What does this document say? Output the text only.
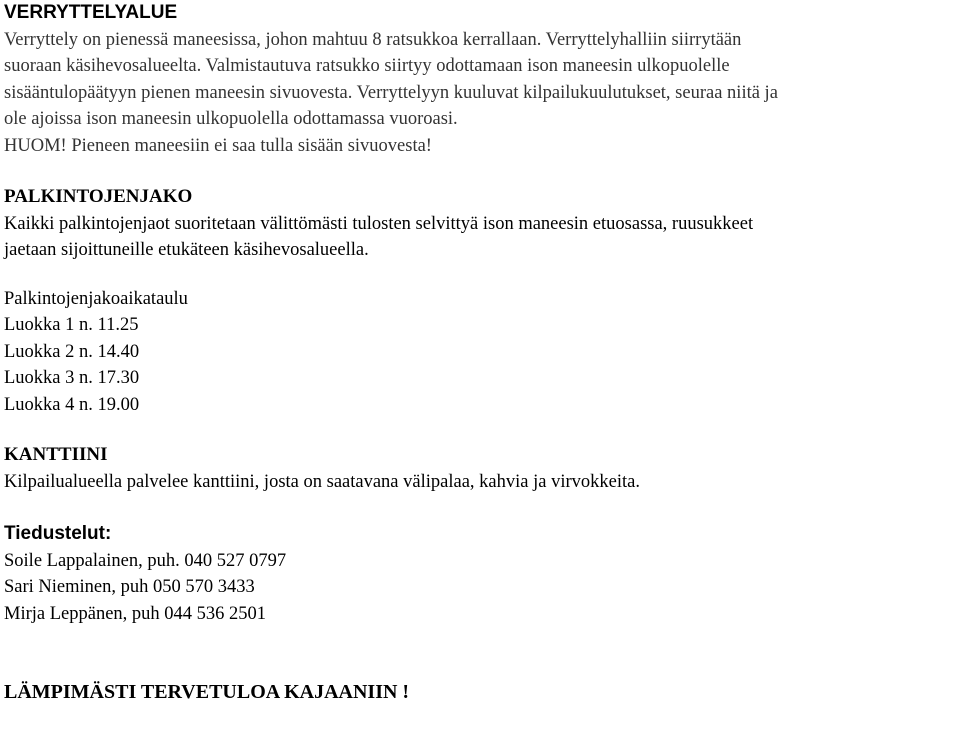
VERRYTTELYALUE

Verryttely on pienessä maneesissa, johon mahtuu 8 ratsukkoa kerrallaan. Verryttelyhalliin siirrytään

suoraan käsihevosalueelta. Valmistautuva ratsukko siirtyy odottamaan ison maneesin ulkopuolelle

sisääntulopäätyyn pienen maneesin sivuovesta. Verryttelyyn kuuluvat kilpailukuulutukset, seuraa niitä ja

ole ajoissa ison maneesin ulkopuolella odottamassa vuoroasi.

HUOM! Pieneen maneesiin ei saa tulla sisään sivuovesta!

PALKINTOJENJAKO

Kaikki palkintojenjaot suoritetaan välittömästi tulosten selvittyä ison maneesin etuosassa, ruusukkeet

jaetaan sijoittuneille etukäteen käsihevosalueella.

Palkintojenjakoaikataulu

Luokka 1 n. 11.25

Luokka 2 n. 14.40

Luokka 3 n. 17.30

Luokka 4 n. 19.00

KANTTIINI

Kilpailualueella palvelee kanttiini, josta on saatavana välipalaa, kahvia ja virvokkeita.

Tiedustelut:

Soile Lappalainen, puh. 040 527 0797

Sari Nieminen, puh 050 570 3433

Mirja Leppänen, puh 044 536 2501

LÄMPIMÄSTI TERVETULOA KAJAANIIN !
